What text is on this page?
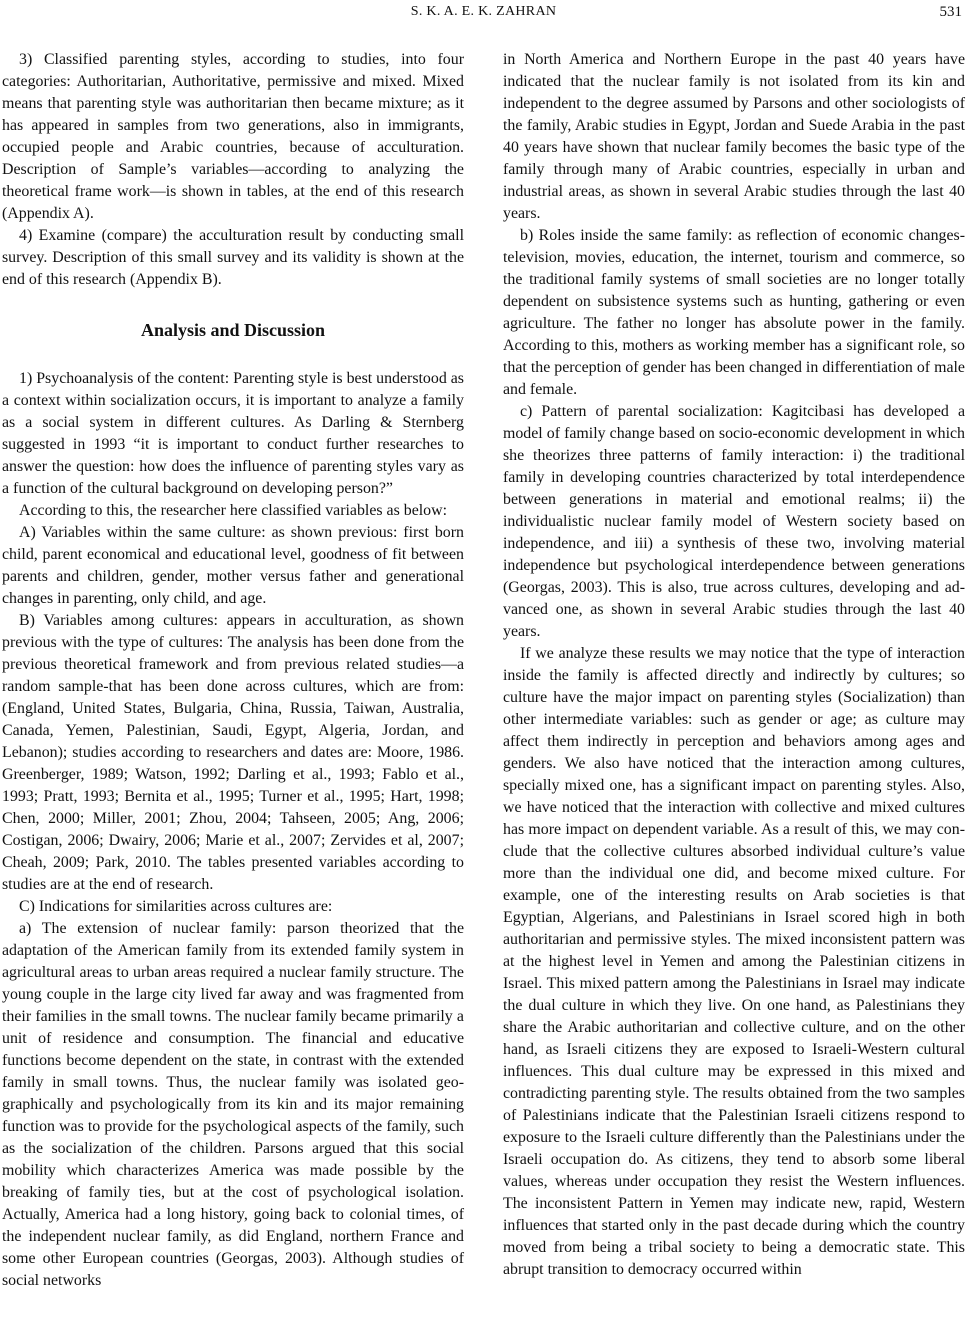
S. K. A. E. K. ZAHRAN	531

3) Classified parenting styles, according to studies, into four categories: Authoritarian, Authoritative, permissive and mixed. Mixed means that parenting style was authoritarian then became mixture; as it has appeared in samples from two generations, also in immigrants, occupied people and Arabic countries, because of acculturation. Description of Sample’s variables—according to analyzing the theoretical frame work—is shown in tables, at the end of this research (Appendix A).

4) Examine (compare) the acculturation result by conducting small survey. Description of this small survey and its validity is shown at the end of this research (Appendix B).

Analysis and Discussion

1) Psychoanalysis of the content: Parenting style is best understood as a context within socialization occurs, it is important to analyze a family as a social system in different cultures. As Darling & Sternberg suggested in 1993 “it is important to conduct further researches to answer the question: how does the influence of parenting styles vary as a function of the cultural background on developing person?”

According to this, the researcher here classified variables as below:

A) Variables within the same culture: as shown previous: first born child, parent economical and educational level, goodness of fit between parents and children, gender, mother versus father and generational changes in parenting, only child, and age.

B) Variables among cultures: appears in acculturation, as shown previous with the type of cultures: The analysis has been done from the previous theoretical framework and from previous related studies—a random sample-that has been done across cultures, which are from: (England, United States, Bulgaria, China, Russia, Taiwan, Australia, Canada, Yemen, Palestinian, Saudi, Egypt, Algeria, Jordan, and Lebanon); studies according to researchers and dates are: Moore, 1986. Greenberger, 1989; Watson, 1992; Darling et al., 1993; Fablo et al., 1993; Pratt, 1993; Bernita et al., 1995; Turner et al., 1995; Hart, 1998; Chen, 2000; Miller, 2001; Zhou, 2004; Tahseen, 2005; Ang, 2006; Costigan, 2006; Dwairy, 2006; Marie et al., 2007; Zervides et al, 2007; Cheah, 2009; Park, 2010. The tables presented variables according to studies are at the end of research.

C) Indications for similarities across cultures are:

a) The extension of nuclear family: parson theorized that the adaptation of the American family from its extended family system in agricultural areas to urban areas required a nuclear family structure. The young couple in the large city lived far away and was fragmented from their families in the small towns. The nuclear family became primarily a unit of residence and consumption. The financial and educative functions become dependent on the state, in contrast with the extended family in small towns. Thus, the nuclear family was isolated geographically and psychologically from its kin and its major remaining function was to provide for the psychological aspects of the family, such as the socialization of the children. Parsons argued that this social mobility which characterizes America was made possible by the breaking of family ties, but at the cost of psychological isolation. Actually, America had a long history, going back to colonial times, of the independent nuclear family, as did England, northern France and some other European countries (Georgas, 2003). Although studies of social networks

in North America and Northern Europe in the past 40 years have indicated that the nuclear family is not isolated from its kin and independent to the degree assumed by Parsons and other sociologists of the family, Arabic studies in Egypt, Jordan and Suede Arabia in the past 40 years have shown that nuclear family becomes the basic type of the family through many of Arabic countries, especially in urban and industrial areas, as shown in several Arabic studies through the last 40 years.

b) Roles inside the same family: as reflection of economic changes- television, movies, education, the internet, tourism and commerce, so the traditional family systems of small societies are no longer totally dependent on subsistence systems such as hunting, gathering or even agriculture. The father no longer has absolute power in the family. According to this, mothers as working member has a significant role, so that the perception of gender has been changed in differentiation of male and female.

c) Pattern of parental socialization: Kagitcibasi has developed a model of family change based on socio-economic development in which she theorizes three patterns of family interaction: i) the traditional family in developing countries characterized by total interdependence between generations in material and emotional realms; ii) the individualistic nuclear family model of Western society based on independence, and iii) a synthesis of these two, involving material independence but psychological interdependence between generations (Georgas, 2003). This is also, true across cultures, developing and advanced one, as shown in several Arabic studies through the last 40 years.

If we analyze these results we may notice that the type of interaction inside the family is affected directly and indirectly by cultures; so culture have the major impact on parenting styles (Socialization) than other intermediate variables: such as gender or age; as culture may affect them indirectly in perception and behaviors among ages and genders. We also have noticed that the interaction among cultures, specially mixed one, has a significant impact on parenting styles. Also, we have noticed that the interaction with collective and mixed cultures has more impact on dependent variable. As a result of this, we may conclude that the collective cultures absorbed individual culture’s value more than the individual one did, and become mixed culture. For example, one of the interesting results on Arab societies is that Egyptian, Algerians, and Palestinians in Israel scored high in both authoritarian and permissive styles. The mixed inconsistent pattern was at the highest level in Yemen and among the Palestinian citizens in Israel. This mixed pattern among the Palestinians in Israel may indicate the dual culture in which they live. On one hand, as Palestinians they share the Arabic authoritarian and collective culture, and on the other hand, as Israeli citizens they are exposed to Israeli-Western cultural influences. This dual culture may be expressed in this mixed and contradicting parenting style. The results obtained from the two samples of Palestinians indicate that the Palestinian Israeli citizens respond to exposure to the Israeli culture differently than the Palestinians under the Israeli occupation do. As citizens, they tend to absorb some liberal values, whereas under occupation they resist the Western influences. The inconsistent Pattern in Yemen may indicate new, rapid, Western influences that started only in the past decade during which the country moved from being a tribal society to being a democratic state. This abrupt transition to democracy occurred within
